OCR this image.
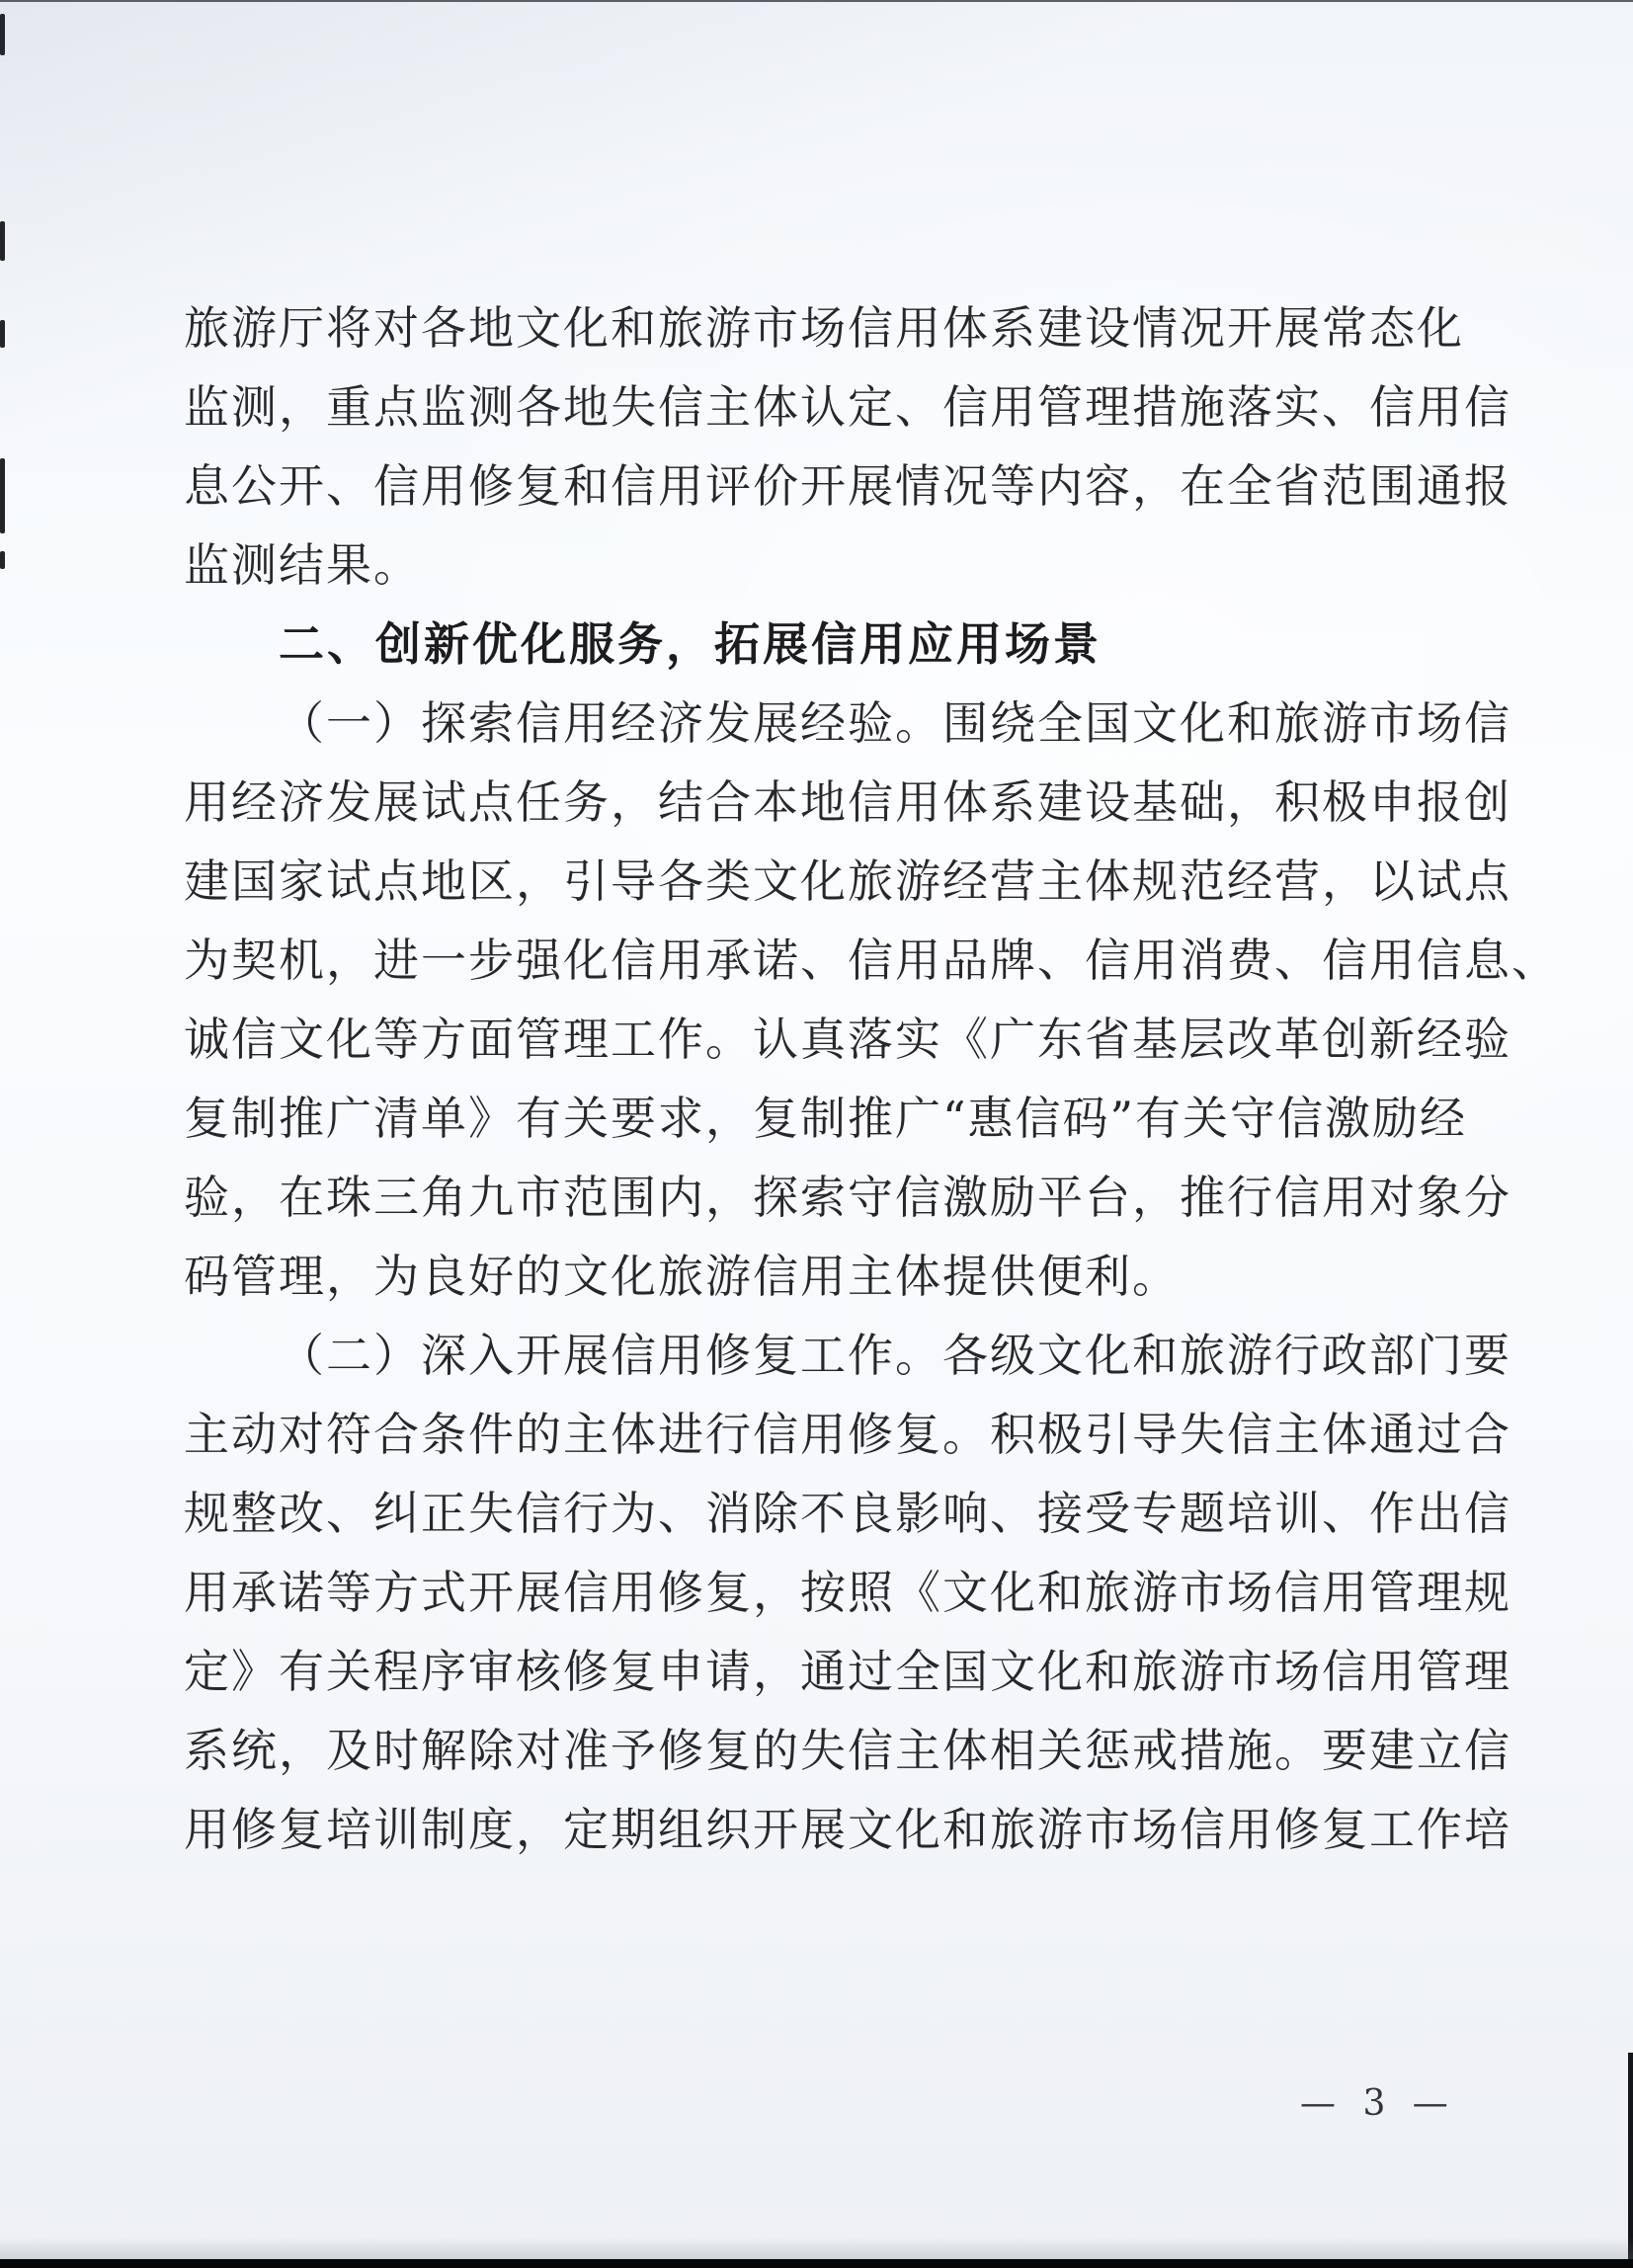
旅游厅将对各地文化和旅游市场信用体系建设情况开展常态化
监测，重点监测各地失信主体认定、信用管理措施落实、信用信
息公开、信用修复和信用评价开展情况等内容，在全省范围通报
监测结果。
二、创新优化服务，拓展信用应用场景
（一）探索信用经济发展经验。围绕全国文化和旅游市场信
用经济发展试点任务，结合本地信用体系建设基础，积极申报创
建国家试点地区，引导各类文化旅游经营主体规范经营，以试点
为契机，进一步强化信用承诺、信用品牌、信用消费、信用信息、
诚信文化等方面管理工作。认真落实《广东省基层改革创新经验
复制推广清单》有关要求，复制推广“惠信码”有关守信激励经
验，在珠三角九市范围内，探索守信激励平台，推行信用对象分
码管理，为良好的文化旅游信用主体提供便利。
（二）深入开展信用修复工作。各级文化和旅游行政部门要
主动对符合条件的主体进行信用修复。积极引导失信主体通过合
规整改、纠正失信行为、消除不良影响、接受专题培训、作出信
用承诺等方式开展信用修复，按照《文化和旅游市场信用管理规
定》有关程序审核修复申请，通过全国文化和旅游市场信用管理
系统，及时解除对准予修复的失信主体相关惩戒措施。要建立信
用修复培训制度，定期组织开展文化和旅游市场信用修复工作培
— 3 —
